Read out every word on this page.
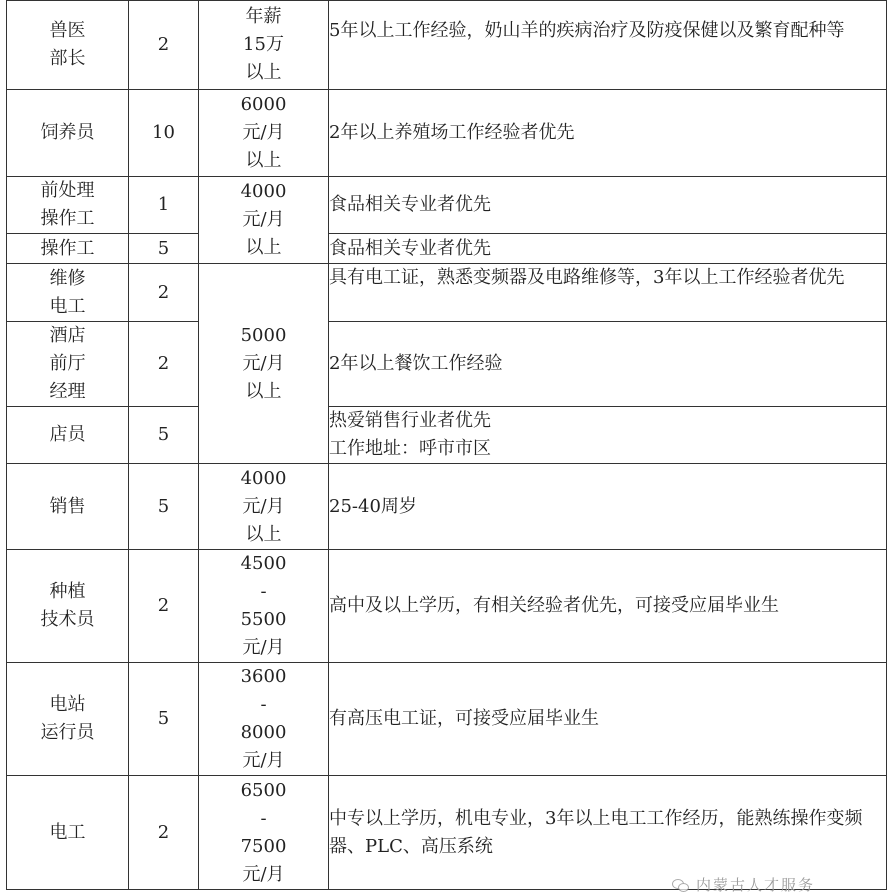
兽医
部长	2	年薪
15万
以上	5年以上工作经验，奶山羊的疾病治疗及防疫保健以及繁育配种等

饲养员	10	6000
元/月
以上	2年以上养殖场工作经验者优先

前处理
操作工	1	4000
元/月
以上	食品相关专业者优先

操作工	5		食品相关专业者优先

维修
电工	2	5000
元/月
以上	具有电工证，熟悉变频器及电路维修等，3年以上工作经验者优先

酒店
前厅
经理	2		2年以上餐饮工作经验

店员	5		热爱销售行业者优先
工作地址：呼市市区

销售	5	4000
元/月
以上	25-40周岁

种植
技术员	2	4500
-
5500
元/月	高中及以上学历，有相关经验者优先，可接受应届毕业生

电站
运行员	5	3600
-
8000
元/月	有高压电工证，可接受应届毕业生

电工	2	6500
-
7500
元/月	中专以上学历，机电专业，3年以上电工工作经历，能熟练操作变频器、PLC、高压系统
内蒙古人才服务
